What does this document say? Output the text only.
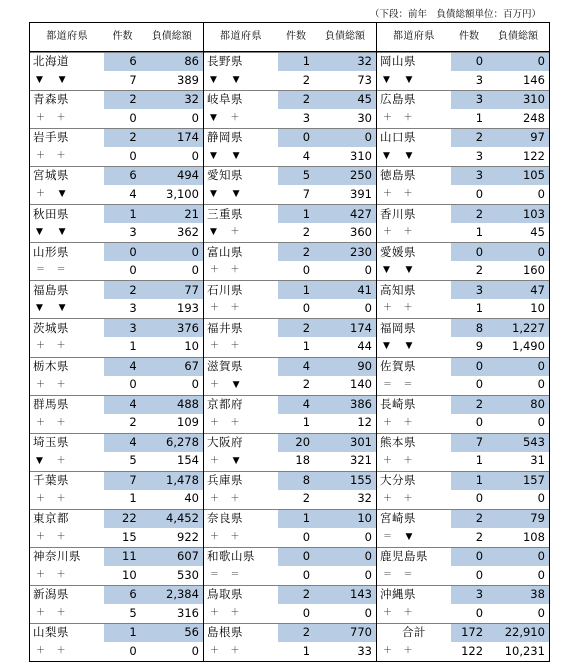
（下段：前年　負債総額単位：百万円）
都道府県	件数	負債総額
北海道	6	86
▼ ▼	7	389
青森県	2	32
＋ ＋	0	0
岩手県	2	174
＋ ＋	0	0
宮城県	6	494
＋ ▼	4	3,100
秋田県	1	21
▼ ▼	3	362
山形県	0	0
＝ ＝	0	0
福島県	2	77
▼ ▼	3	193
茨城県	3	376
＋ ＋	1	10
栃木県	4	67
＋ ＋	0	0
群馬県	4	488
＋ ＋	2	109
埼玉県	4	6,278
▼ ＋	5	154
千葉県	7	1,478
＋ ＋	1	40
東京都	22	4,452
＋ ＋	15	922
神奈川県	11	607
＋ ＋	10	530
新潟県	6	2,384
＋ ＋	5	316
山梨県	1	56
＋ ＋	0	0
都道府県	件数	負債総額
長野県	1	32
▼ ▼	2	73
岐阜県	2	45
▼ ＋	3	30
静岡県	0	0
▼ ▼	4	310
愛知県	5	250
▼ ▼	7	391
三重県	1	427
▼ ＋	2	360
富山県	2	230
＋ ＋	0	0
石川県	1	41
＋ ＋	0	0
福井県	2	174
＋ ＋	1	44
滋賀県	4	90
＋ ▼	2	140
京都府	4	386
＋ ＋	1	12
大阪府	20	301
＋ ▼	18	321
兵庫県	8	155
＋ ＋	2	32
奈良県	1	10
＋ ＋	0	0
和歌山県	0	0
＝ ＝	0	0
鳥取県	2	143
＋ ＋	0	0
島根県	2	770
＋ ＋	1	33
都道府県	件数	負債総額
岡山県	0	0
▼ ▼	3	146
広島県	3	310
＋ ＋	1	248
山口県	2	97
▼ ▼	3	122
徳島県	3	105
＋ ＋	0	0
香川県	2	103
＋ ＋	1	45
愛媛県	0	0
▼ ▼	2	160
高知県	3	47
＋ ＋	1	10
福岡県	8	1,227
▼ ▼	9	1,490
佐賀県	0	0
＝ ＝	0	0
長崎県	2	80
＋ ＋	0	0
熊本県	7	543
＋ ＋	1	31
大分県	1	157
＋ ＋	0	0
宮崎県	2	79
＝ ▼	2	108
鹿児島県	0	0
＝ ＝	0	0
沖縄県	3	38
＋ ＋	0	0
合計	172	22,910
＋ ＋	122	10,231
